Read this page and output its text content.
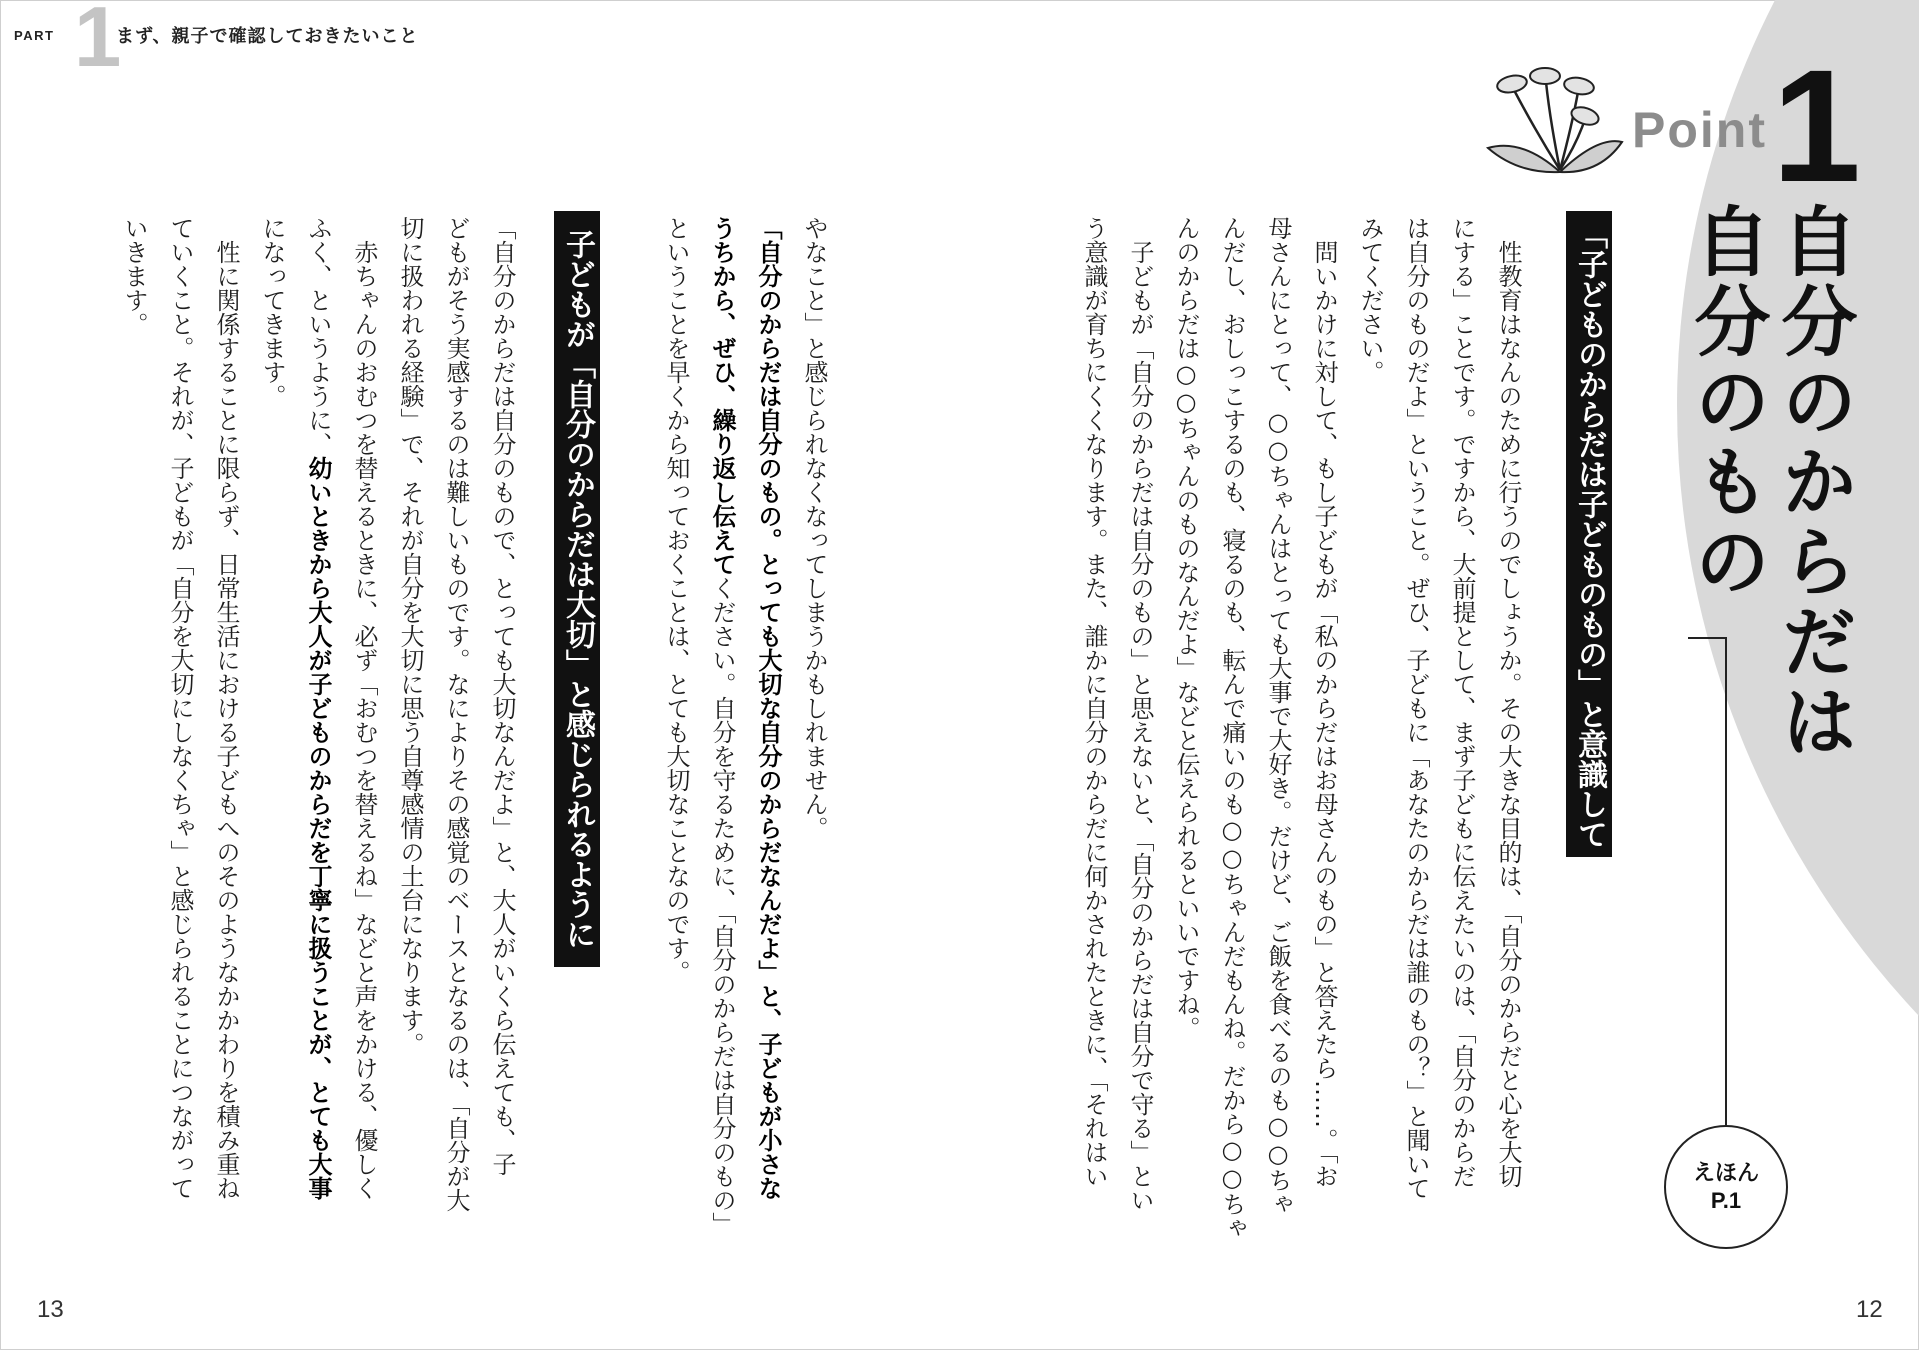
PART 1
まず、親子で確認しておきたいこと
Point 1
自分のからだは
自分のもの
えほん
P.1
「子どものからだは子どものもの」と意識して
　性教育はなんのために行うのでしょうか。その大きな目的は、「自分のからだと心を大切
にする」ことです。ですから、大前提として、まず子どもに伝えたいのは、「自分のからだ
は自分のものだよ」ということ。ぜひ、子どもに「あなたのからだは誰のもの？」と聞いて
みてください。
　問いかけに対して、もし子どもが「私のからだはお母さんのもの」と答えたら……。「お
母さんにとって、○○ちゃんはとっても大事で大好き。だけど、ご飯を食べるのも○○ちゃ
んだし、おしっこするのも、寝るのも、転んで痛いのも○○ちゃんだもんね。だから○○ちゃ
んのからだは○○ちゃんのものなんだよ」などと伝えられるといいですね。
　子どもが「自分のからだは自分のもの」と思えないと、「自分のからだは自分で守る」とい
う意識が育ちにくくなります。また、誰かに自分のからだに何かされたときに、「それはい
やなこと」と感じられなくなってしまうかもしれません。
「自分のからだは自分のもの。とっても大切な自分のからだなんだよ」と、子どもが小さな
うちから、ぜひ、繰り返し伝えてください。自分を守るために、「自分のからだは自分のもの」
ということを早くから知っておくことは、とても大切なことなのです。
子どもが「自分のからだは大切」と感じられるように
「自分のからだは自分のもので、とっても大切なんだよ」と、大人がいくら伝えても、子
どもがそう実感するのは難しいものです。なによりその感覚のベースとなるのは、「自分が大
切に扱われる経験」で、それが自分を大切に思う自尊感情の土台になります。
　赤ちゃんのおむつを替えるときに、必ず「おむつを替えるね」などと声をかける、優しく
ふく、というように、幼いときから大人が子どものからだを丁寧に扱うことが、とても大事
になってきます。
　性に関係することに限らず、日常生活における子どもへのそのようなかかわりを積み重ね
ていくこと。それが、子どもが「自分を大切にしなくちゃ」と感じられることにつながって
いきます。
13	12
